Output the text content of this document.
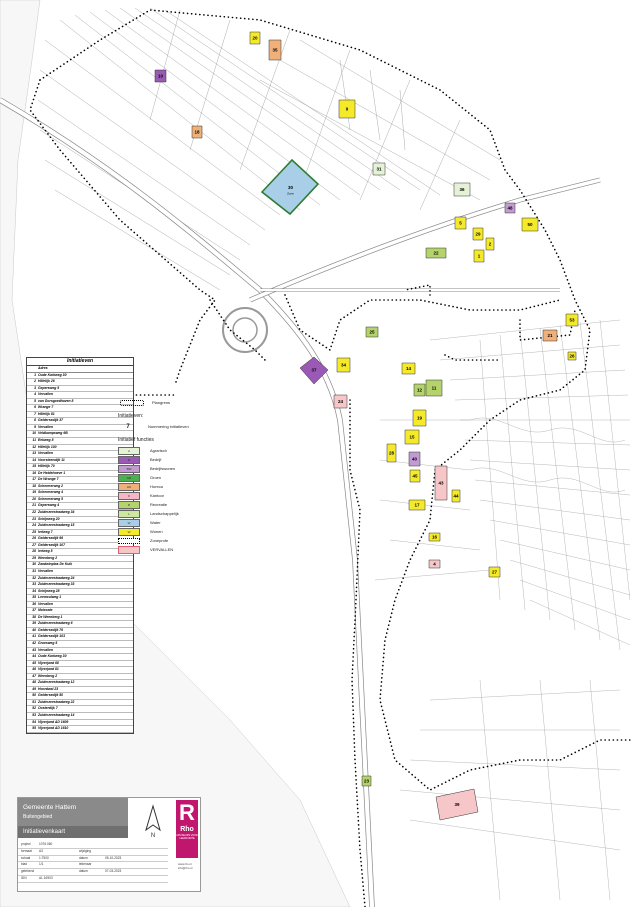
30
Zone
39
37
10
48
35
18
21
9
20
31
36
50
53
5
29
1
2
34
25
11
12
24
14
19
28
15
40
45
17
44
43
4
16
23
26
22
27
Initiatieven
Adres
1 Oude Karkweg 30
2 Hillelijk 26
3 Gepersweg 5
4 Vervallen
5 van Gorsgoedhaven 8
6 Wrange 7
7 Hillelijk 81
8 Geldersedijk 37
9 Vervallen
10 Veldkampsweg 6B
11 Eekweg 8
12 Hillelijk 100
13 Vervallen
14 Voorsteendijk 11
15 Hillelijk 70
16 De Heidehoeve 1
17 De Wrange 7
18 Schermerweg 2
19 Schermerweg 4
20 Schermerweg 5
21 Gepersweg 4
22 Zuiderzeestraatweg 34
23 Schijnweg 20
24 Zuiderzeestraatweg 15
25 Ierlweg 7
26 Geldersedijk 96
27 Geldersedijk 107
28 Ierlweg 5
29 Weenberg 2
30 Zandwinplas De Kuik
31 Vervallen
32 Zuiderzeestraatweg 24
33 Zuiderzeestraatweg 33
34 Schijnweg 28
35 Leemculweg 1
36 Vervallen
37 Molecate
38 De Weenberg 1
39 Zuiderzeestraatweg 6
40 Geldersedijk 76
41 Geldersedijk 103
42 Gruesweg 5
43 Vervallen
44 Oude Karkweg 30
45 Vijverjand 68
46 Vijverjand 81
47 Weenberg 2
48 Zuiderzeestraatweg 12
49 Hoordwal 23
50 Geldersedijk 50
51 Zuiderzeestraatweg 22
52 Oosterdijk 7
53 Zuiderzeestraatweg 14
54 Vijverjand AD 1609
55 Vijverjand AD 1610
Plangrens
Initiatieven:
7	Nummering initiatieven
Initiatief functies
A	Agrarisch
B	Bedrijf
BW	Bedrijfswonen
GR	Groen
HO	Horeca
K	Kantoor
R	Recreatie
L	Landschappelijk
W	Water
W	Wonen
Zoneprofe
VERVALLEN
Gemeente Hattem
Buitengebied
Initiatievenkaart
N
R
Rho
ADVISEURS VOOR LEEFRUIMTE
project	1076.060
formaat	A3	wijziging
schaal	1:7500	datum	05-10-2023
blad	1/1	tekenaar
getekend	datum	07-03-2023
IDN	AL.16903
www.rho.nl
info@rho.nl
